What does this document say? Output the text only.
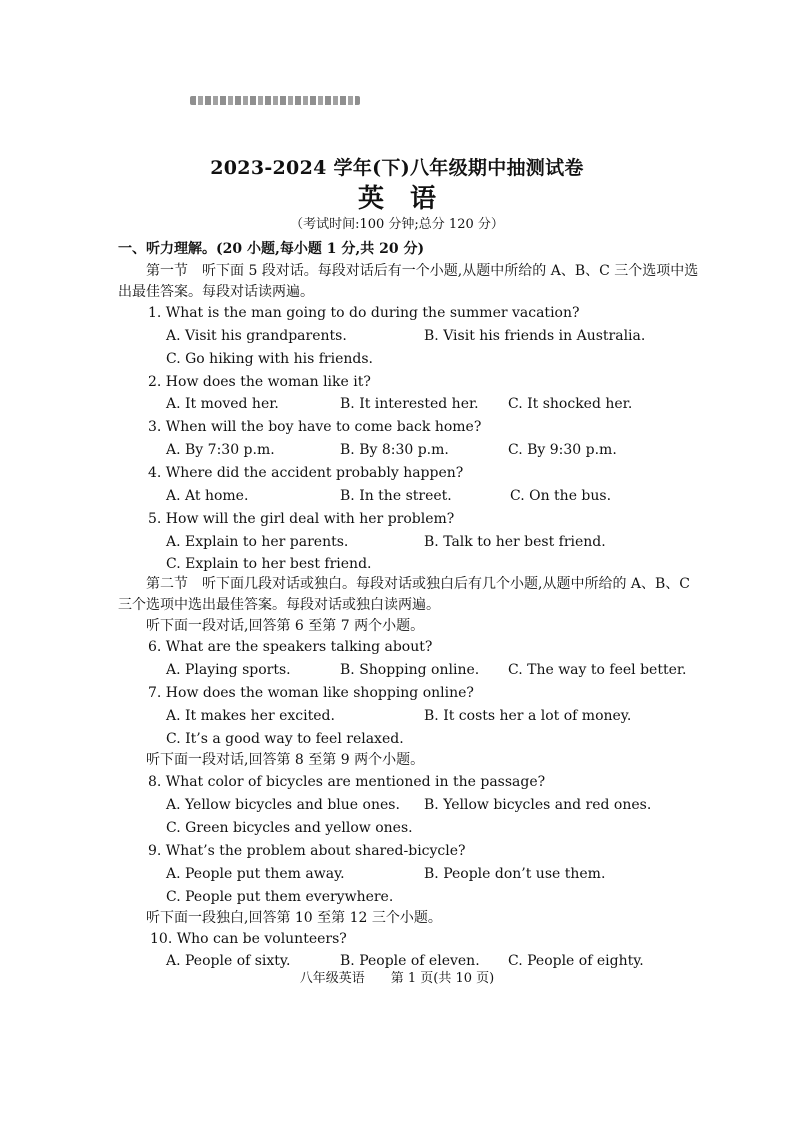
2023-2024 学年(下)八年级期中抽测试卷
英　语
（考试时间:100 分钟;总分 120 分）
一、听力理解。(20 小题,每小题 1 分,共 20 分)
第一节　听下面 5 段对话。每段对话后有一个小题,从题中所给的 A、B、C 三个选项中选
出最佳答案。每段对话读两遍。
1. What is the man going to do during the summer vacation?
A. Visit his grandparents.	B. Visit his friends in Australia.
C. Go hiking with his friends.
2. How does the woman like it?
A. It moved her.	B. It interested her. C. It shocked her.
3. When will the boy have to come back home?
A. By 7:30 p.m.	B. By 8:30 p.m.	C. By 9:30 p.m.
4. Where did the accident probably happen?
A. At home.	B. In the street.	C. On the bus.
5. How will the girl deal with her problem?
A. Explain to her parents.	B. Talk to her best friend.
C. Explain to her best friend.
第二节　听下面几段对话或独白。每段对话或独白后有几个小题,从题中所给的 A、B、C
三个选项中选出最佳答案。每段对话或独白读两遍。
听下面一段对话,回答第 6 至第 7 两个小题。
6. What are the speakers talking about?
A. Playing sports.	B. Shopping online. C. The way to feel better.
7. How does the woman like shopping online?
A. It makes her excited.	B. It costs her a lot of money.
C. It’s a good way to feel relaxed.
听下面一段对话,回答第 8 至第 9 两个小题。
8. What color of bicycles are mentioned in the passage?
A. Yellow bicycles and blue ones. B. Yellow bicycles and red ones.
C. Green bicycles and yellow ones.
9. What’s the problem about shared-bicycle?
A. People put them away.	B. People don’t use them.
C. People put them everywhere.
听下面一段独白,回答第 10 至第 12 三个小题。
10. Who can be volunteers?
A. People of sixty.	B. People of eleven. C. People of eighty.
八年级英语　　第 1 页(共 10 页)
